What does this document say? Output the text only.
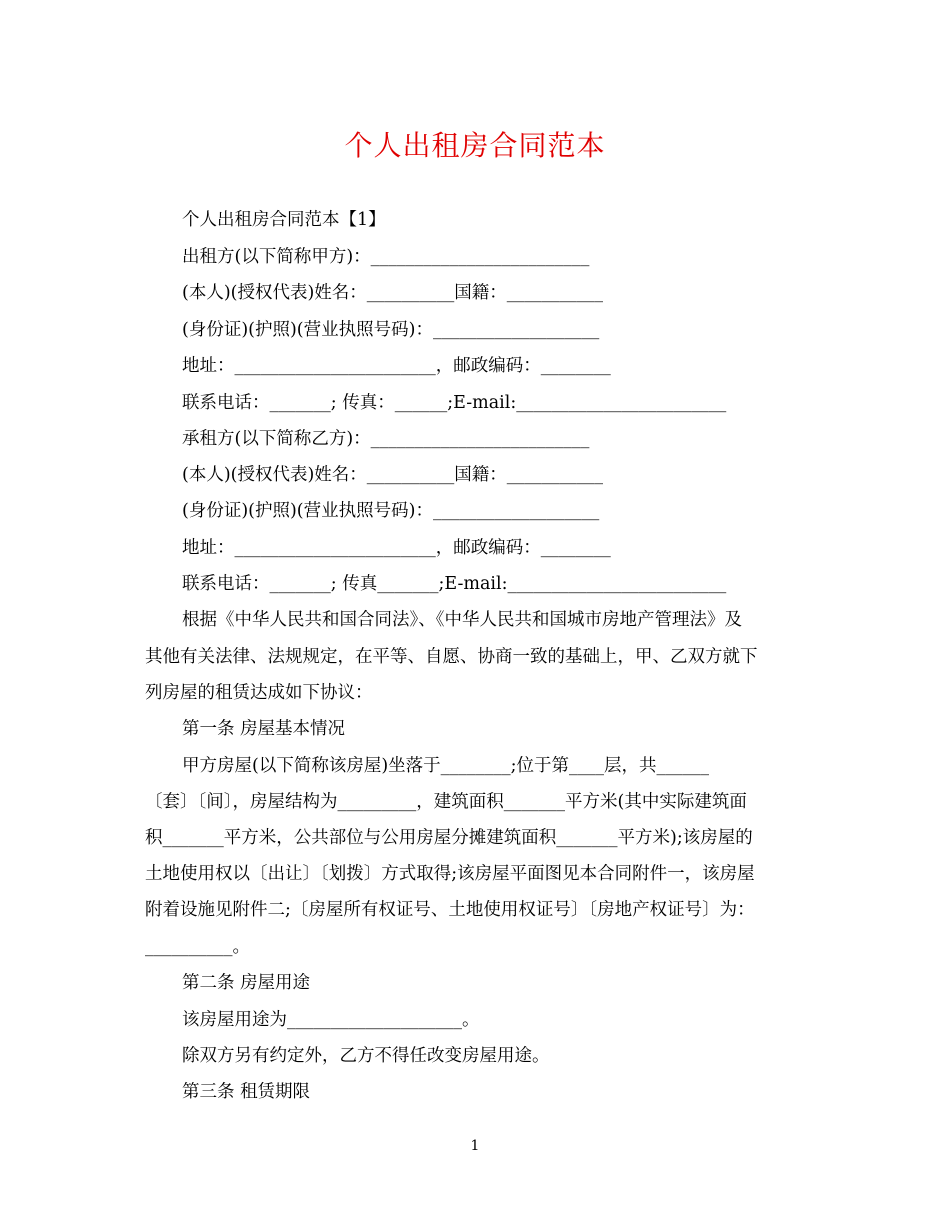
个人出租房合同范本
个人出租房合同范本【1】
出租方(以下简称甲方)：_________________________
(本人)(授权代表)姓名：__________国籍：___________
(身份证)(护照)(营业执照号码)：___________________
地址：_______________________，邮政编码：________
联系电话：_______; 传真：______;E-mail:________________________
承租方(以下简称乙方)：_________________________
(本人)(授权代表)姓名：__________国籍：___________
(身份证)(护照)(营业执照号码)：___________________
地址：_______________________，邮政编码：________
联系电话：_______; 传真_______;E-mail:_________________________
根据《中华人民共和国合同法》、《中华人民共和国城市房地产管理法》及
其他有关法律、法规规定，在平等、自愿、协商一致的基础上，甲、乙双方就下
列房屋的租赁达成如下协议：
第一条 房屋基本情况
甲方房屋(以下简称该房屋)坐落于________;位于第____层，共______
〔套〕〔间〕，房屋结构为_________，建筑面积_______平方米(其中实际建筑面
积_______平方米，公共部位与公用房屋分摊建筑面积_______平方米);该房屋的
土地使用权以〔出让〕〔划拨〕方式取得;该房屋平面图见本合同附件一，该房屋
附着设施见附件二;〔房屋所有权证号、土地使用权证号〕〔房地产权证号〕为：
__________。
第二条 房屋用途
该房屋用途为____________________。
除双方另有约定外，乙方不得任改变房屋用途。
第三条 租赁期限
1
